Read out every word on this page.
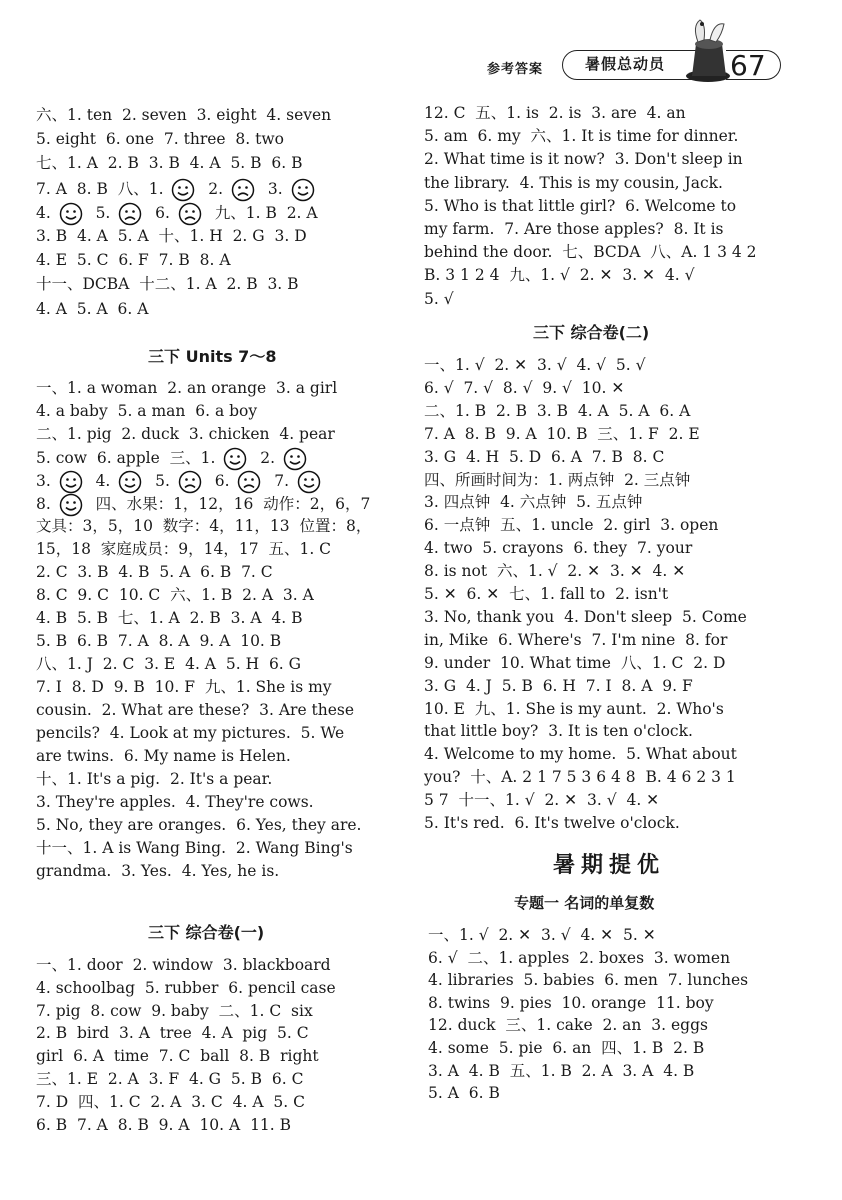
参考答案	暑假总动员	67
六、1. ten  2. seven  3. eight  4. seven
5. eight  6. one  7. three  8. two
七、1. A  2. B  3. B  4. A  5. B  6. B
7. A  8. B  八、1.   2.   3.
4.   5.   6.   九、1. B  2. A
3. B  4. A  5. A  十、1. H  2. G  3. D
4. E  5. C  6. F  7. B  8. A
十一、DCBA  十二、1. A  2. B  3. B
4. A  5. A  6. A
三下 Units 7～8
一、1. a woman  2. an orange  3. a girl
4. a baby  5. a man  6. a boy
二、1. pig  2. duck  3. chicken  4. pear
5. cow  6. apple  三、1.   2.
3.   4.   5.   6.   7.
8.   四、水果：1，12，16  动作：2，6，7
文具：3，5，10  数字：4，11，13  位置：8，
15，18  家庭成员：9，14，17  五、1. C
2. C  3. B  4. B  5. A  6. B  7. C
8. C  9. C  10. C  六、1. B  2. A  3. A
4. B  5. B  七、1. A  2. B  3. A  4. B
5. B  6. B  7. A  8. A  9. A  10. B
八、1. J  2. C  3. E  4. A  5. H  6. G
7. I  8. D  9. B  10. F  九、1. She is my
cousin.  2. What are these?  3. Are these
pencils?  4. Look at my pictures.  5. We
are twins.  6. My name is Helen.
十、1. It's a pig.  2. It's a pear.
3. They're apples.  4. They're cows.
5. No, they are oranges.  6. Yes, they are.
十一、1. A is Wang Bing.  2. Wang Bing's
grandma.  3. Yes.  4. Yes, he is.
三下 综合卷(一)
一、1. door  2. window  3. blackboard
4. schoolbag  5. rubber  6. pencil case
7. pig  8. cow  9. baby  二、1. C  six
2. B  bird  3. A  tree  4. A  pig  5. C
girl  6. A  time  7. C  ball  8. B  right
三、1. E  2. A  3. F  4. G  5. B  6. C
7. D  四、1. C  2. A  3. C  4. A  5. C
6. B  7. A  8. B  9. A  10. A  11. B
12. C  五、1. is  2. is  3. are  4. an
5. am  6. my  六、1. It is time for dinner.
2. What time is it now?  3. Don't sleep in
the library.  4. This is my cousin, Jack.
5. Who is that little girl?  6. Welcome to
my farm.  7. Are those apples?  8. It is
behind the door.  七、BCDA  八、A. 1 3 4 2
B. 3 1 2 4  九、1. √  2. ✕  3. ✕  4. √
5. √
三下 综合卷(二)
一、1. √  2. ✕  3. √  4. √  5. √
6. √  7. √  8. √  9. √  10. ✕
二、1. B  2. B  3. B  4. A  5. A  6. A
7. A  8. B  9. A  10. B  三、1. F  2. E
3. G  4. H  5. D  6. A  7. B  8. C
四、所画时间为：1. 两点钟  2. 三点钟
3. 四点钟  4. 六点钟  5. 五点钟
6. 一点钟  五、1. uncle  2. girl  3. open
4. two  5. crayons  6. they  7. your
8. is not  六、1. √  2. ✕  3. ✕  4. ✕
5. ✕  6. ✕  七、1. fall to  2. isn't
3. No, thank you  4. Don't sleep  5. Come
in, Mike  6. Where's  7. I'm nine  8. for
9. under  10. What time  八、1. C  2. D
3. G  4. J  5. B  6. H  7. I  8. A  9. F
10. E  九、1. She is my aunt.  2. Who's
that little boy?  3. It is ten o'clock.
4. Welcome to my home.  5. What about
you?  十、A. 2 1 7 5 3 6 4 8  B. 4 6 2 3 1
5 7  十一、1. √  2. ✕  3. √  4. ✕
5. It's red.  6. It's twelve o'clock.
暑期提优
专题一 名词的单复数
一、1. √  2. ✕  3. √  4. ✕  5. ✕
6. √  二、1. apples  2. boxes  3. women
4. libraries  5. babies  6. men  7. lunches
8. twins  9. pies  10. orange  11. boy
12. duck  三、1. cake  2. an  3. eggs
4. some  5. pie  6. an  四、1. B  2. B
3. A  4. B  五、1. B  2. A  3. A  4. B
5. A  6. B
